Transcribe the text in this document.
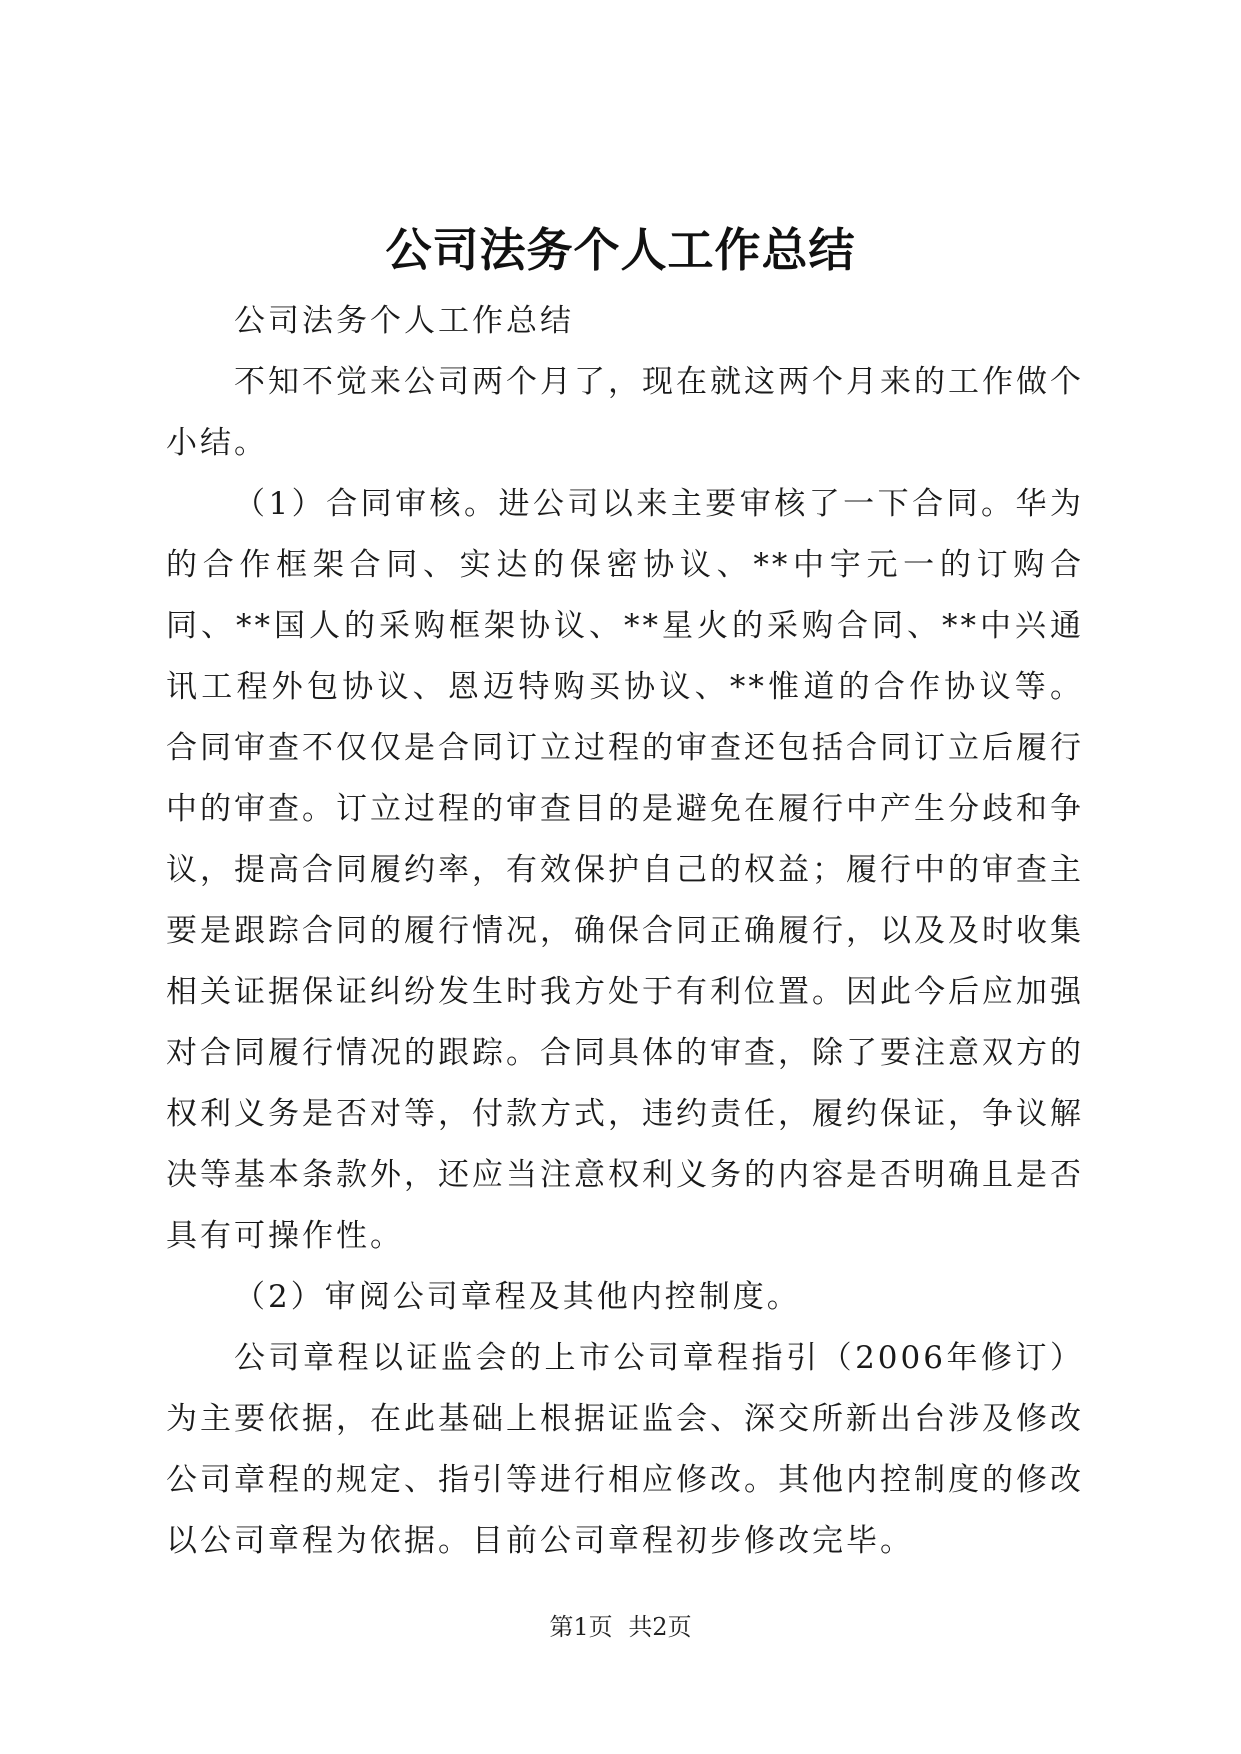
公司法务个人工作总结

公司法务个人工作总结

不知不觉来公司两个月了，现在就这两个月来的工作做个小结。

（1）合同审核。进公司以来主要审核了一下合同。华为的合作框架合同、实达的保密协议、**中宇元一的订购合同、**国人的采购框架协议、**星火的采购合同、**中兴通讯工程外包协议、恩迈特购买协议、**惟道的合作协议等。合同审查不仅仅是合同订立过程的审查还包括合同订立后履行中的审查。订立过程的审查目的是避免在履行中产生分歧和争议，提高合同履约率，有效保护自己的权益；履行中的审查主要是跟踪合同的履行情况，确保合同正确履行，以及及时收集相关证据保证纠纷发生时我方处于有利位置。因此今后应加强对合同履行情况的跟踪。合同具体的审查，除了要注意双方的权利义务是否对等，付款方式，违约责任，履约保证，争议解决等基本条款外，还应当注意权利义务的内容是否明确且是否具有可操作性。

（2）审阅公司章程及其他内控制度。

公司章程以证监会的上市公司章程指引（2006年修订）为主要依据，在此基础上根据证监会、深交所新出台涉及修改公司章程的规定、指引等进行相应修改。其他内控制度的修改以公司章程为依据。目前公司章程初步修改完毕。

第1页 共2页
